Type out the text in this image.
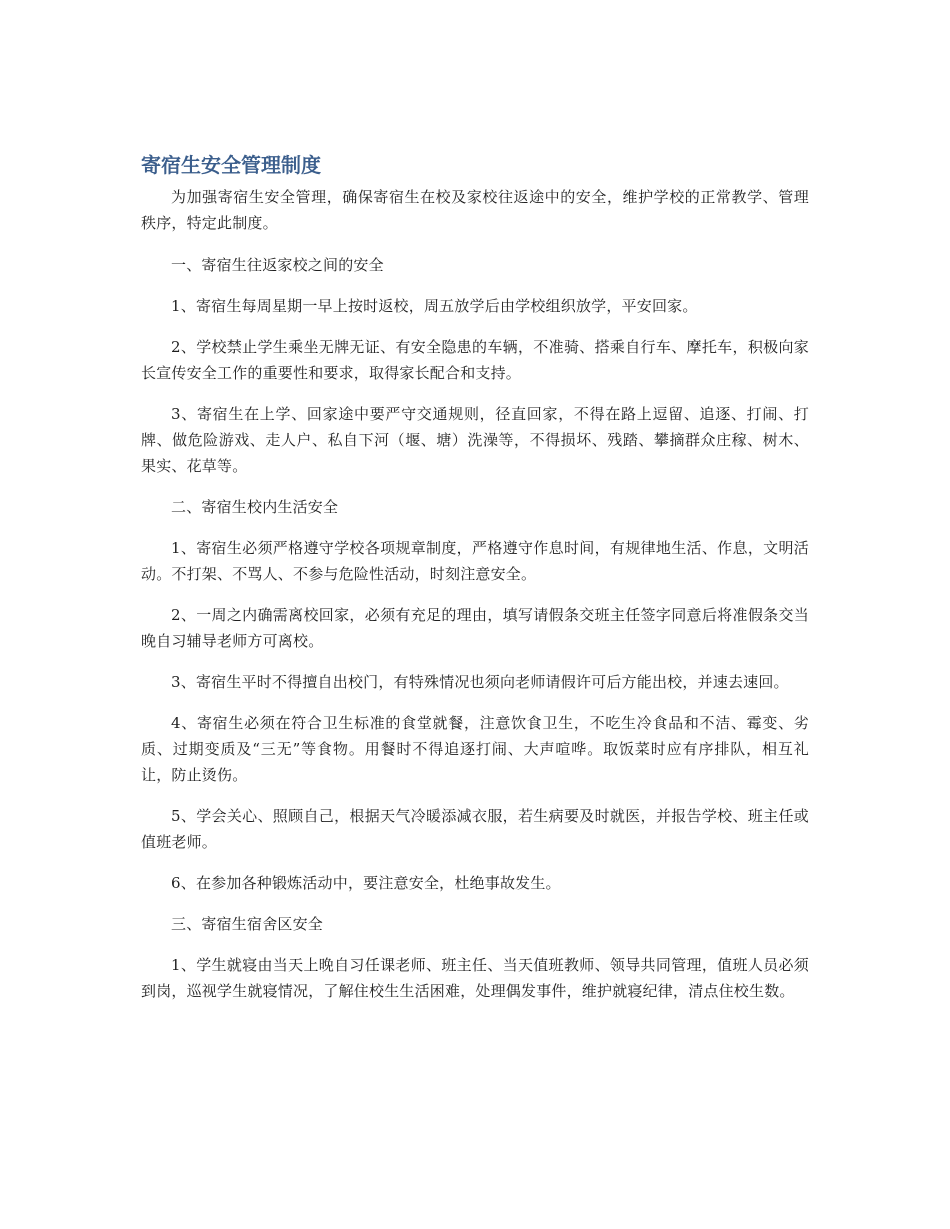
寄宿生安全管理制度

为加强寄宿生安全管理，确保寄宿生在校及家校往返途中的安全，维护学校的正常教学、管理秩序，特定此制度。

一、寄宿生往返家校之间的安全

1、寄宿生每周星期一早上按时返校，周五放学后由学校组织放学，平安回家。

2、学校禁止学生乘坐无牌无证、有安全隐患的车辆，不准骑、搭乘自行车、摩托车，积极向家长宣传安全工作的重要性和要求，取得家长配合和支持。

3、寄宿生在上学、回家途中要严守交通规则，径直回家，不得在路上逗留、追逐、打闹、打牌、做危险游戏、走人户、私自下河（堰、塘）洗澡等，不得损坏、残踏、攀摘群众庄稼、树木、果实、花草等。

二、寄宿生校内生活安全

1、寄宿生必须严格遵守学校各项规章制度，严格遵守作息时间，有规律地生活、作息，文明活动。不打架、不骂人、不参与危险性活动，时刻注意安全。

2、一周之内确需离校回家，必须有充足的理由，填写请假条交班主任签字同意后将准假条交当晚自习辅导老师方可离校。

3、寄宿生平时不得擅自出校门，有特殊情况也须向老师请假许可后方能出校，并速去速回。

4、寄宿生必须在符合卫生标准的食堂就餐，注意饮食卫生，不吃生冷食品和不洁、霉变、劣质、过期变质及“三无”等食物。用餐时不得追逐打闹、大声喧哗。取饭菜时应有序排队，相互礼让，防止烫伤。

5、学会关心、照顾自己，根据天气冷暖添减衣服，若生病要及时就医，并报告学校、班主任或值班老师。

6、在参加各种锻炼活动中，要注意安全，杜绝事故发生。

三、寄宿生宿舍区安全

1、学生就寝由当天上晚自习任课老师、班主任、当天值班教师、领导共同管理，值班人员必须到岗，巡视学生就寝情况，了解住校生生活困难，处理偶发事件，维护就寝纪律，清点住校生数。
